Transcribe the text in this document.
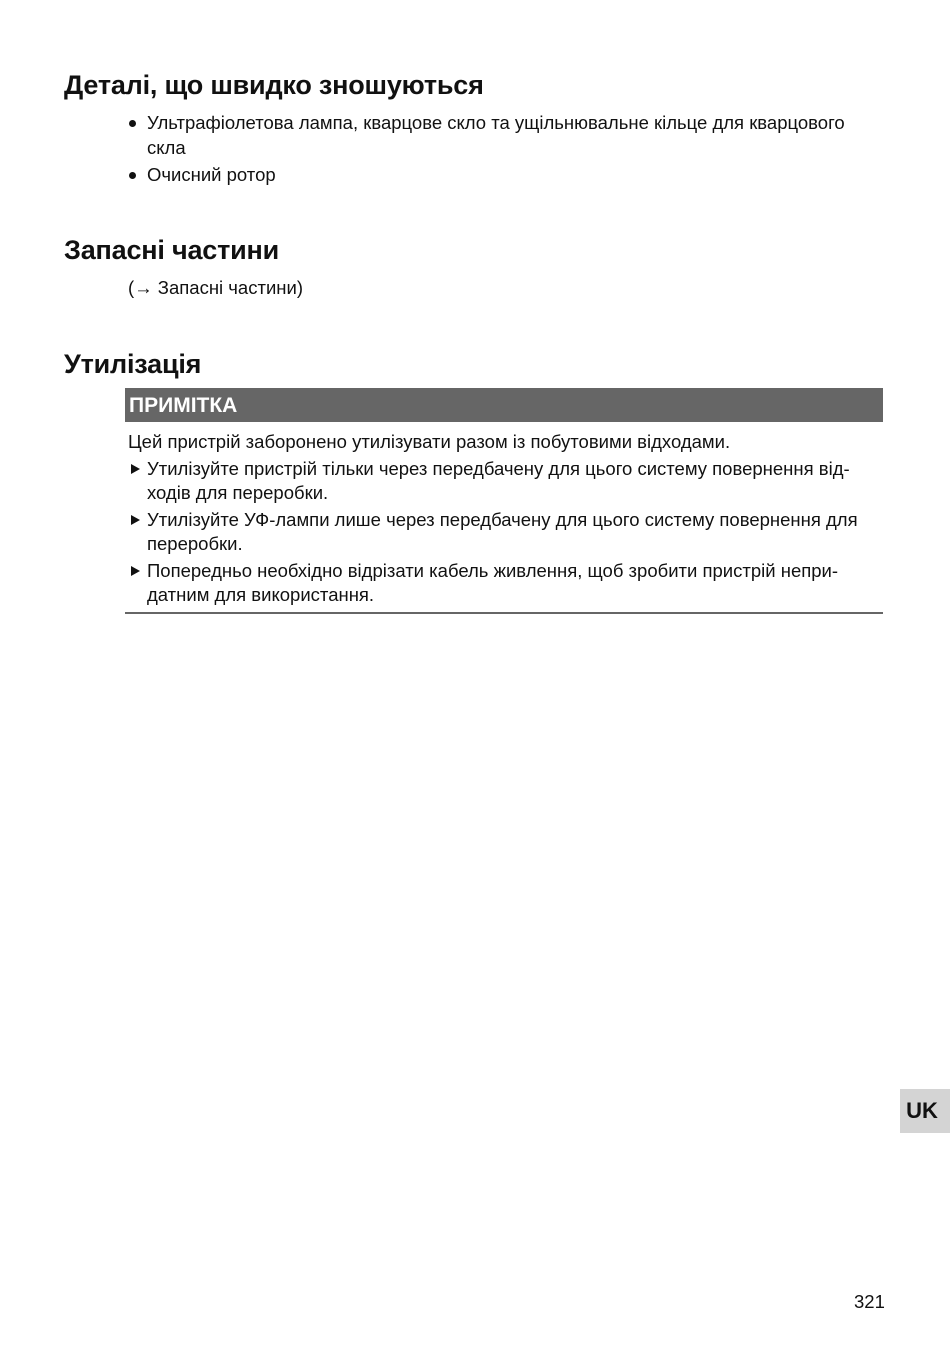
Деталі, що швидко зношуються
Ультрафіолетова лампа, кварцове скло та ущільнювальне кільце для кварцового скла
Очисний ротор
Запасні частини
(→ Запасні частини)
Утилізація
ПРИМІТКА

Цей пристрій заборонено утилізувати разом із побутовими відходами.

Утилізуйте пристрій тільки через передбачену для цього систему повернення від-ходів для переробки.
Утилізуйте УФ-лампи лише через передбачену для цього систему повернення для переробки.
Попередньо необхідно відрізати кабель живлення, щоб зробити пристрій непри-датним для використання.
UK
321
